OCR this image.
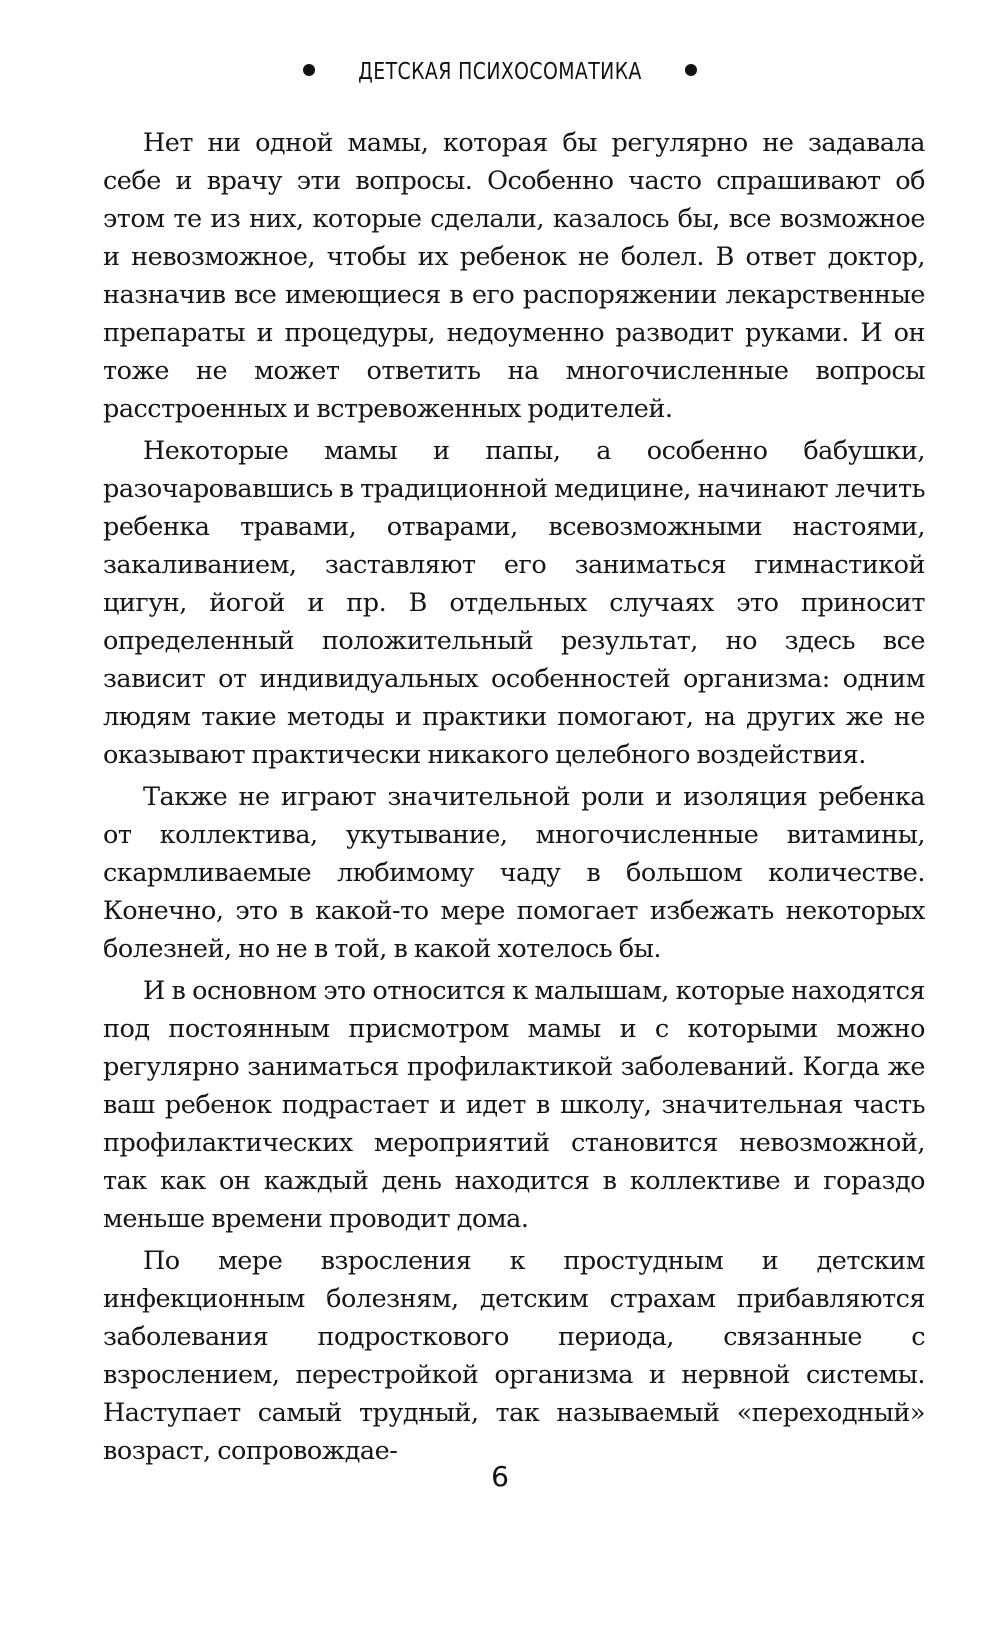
ДЕТСКАЯ ПСИХОСОМАТИКА

Нет ни одной мамы, которая бы регулярно не задавала себе и врачу эти вопросы. Особенно часто спрашивают об этом те из них, которые сделали, казалось бы, все возможное и невозможное, чтобы их ребенок не болел. В ответ доктор, назначив все имеющиеся в его распоряжении лекарственные препараты и процедуры, недоуменно разводит руками. И он тоже не может ответить на многочисленные вопросы расстроенных и встревоженных родителей.

Некоторые мамы и папы, а особенно бабушки, разочаровавшись в традиционной медицине, начинают лечить ребенка травами, отварами, всевозможными настоями, закаливанием, заставляют его заниматься гимнастикой цигун, йогой и пр. В отдельных случаях это приносит определенный положительный результат, но здесь все зависит от индивидуальных особенностей организма: одним людям такие методы и практики помогают, на других же не оказывают практически никакого целебного воздействия.

Также не играют значительной роли и изоляция ребенка от коллектива, укутывание, многочисленные витамины, скармливаемые любимому чаду в большом количестве. Конечно, это в какой-то мере помогает избежать некоторых болезней, но не в той, в какой хотелось бы.

И в основном это относится к малышам, которые находятся под постоянным присмотром мамы и с которыми можно регулярно заниматься профилактикой заболеваний. Когда же ваш ребенок подрастает и идет в школу, значительная часть профилактических мероприятий становится невозможной, так как он каждый день находится в коллективе и гораздо меньше времени проводит дома.

По мере взросления к простудным и детским инфекционным болезням, детским страхам прибавляются заболевания подросткового периода, связанные с взрослением, перестройкой организма и нервной системы. Наступает самый трудный, так называемый «переходный» возраст, сопровождае-

6
